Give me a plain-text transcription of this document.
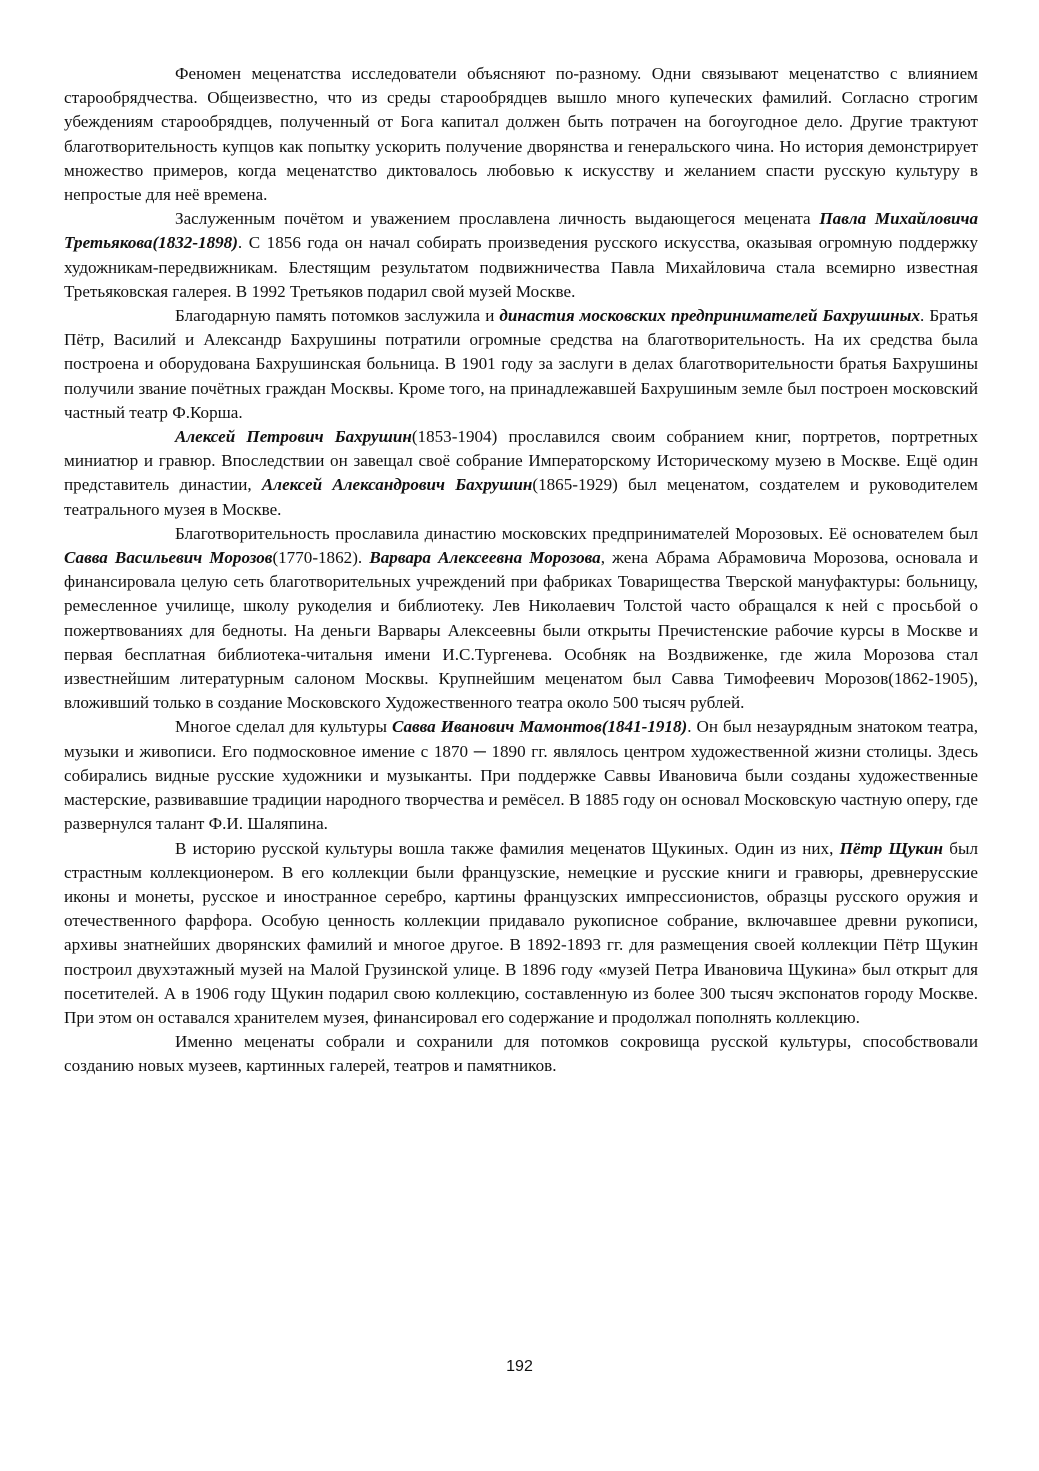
Феномен меценатства исследователи объясняют по-разному. Одни связывают меценатство с влиянием старообрядчества. Общеизвестно, что из среды старообрядцев вышло много купеческих фамилий. Согласно строгим убеждениям старообрядцев, полученный от Бога капитал должен быть потрачен на богоугодное дело. Другие трактуют благотворительность купцов как попытку ускорить получение дворянства и генеральского чина. Но история демонстрирует множество примеров, когда меценатство диктовалось любовью к искусству и желанием спасти русскую культуру в непростые для неё времена.

Заслуженным почётом и уважением прославлена личность выдающегося мецената Павла Михайловича Третьякова(1832-1898). С 1856 года он начал собирать произведения русского искусства, оказывая огромную поддержку художникам-передвижникам. Блестящим результатом подвижничества Павла Михайловича стала всемирно известная Третьяковская галерея. В 1992 Третьяков подарил свой музей Москве.

Благодарную память потомков заслужила и династия московских предпринимателей Бахрушиных. Братья Пётр, Василий и Александр Бахрушины потратили огромные средства на благотворительность. На их средства была построена и оборудована Бахрушинская больница. В 1901 году за заслуги в делах благотворительности братья Бахрушины получили звание почётных граждан Москвы. Кроме того, на принадлежавшей Бахрушиным земле был построен московский частный театр Ф.Корша.

Алексей Петрович Бахрушин(1853-1904) прославился своим собранием книг, портретов, портретных миниатюр и гравюр. Впоследствии он завещал своё собрание Императорскому Историческому музею в Москве. Ещё один представитель династии, Алексей Александрович Бахрушин(1865-1929) был меценатом, создателем и руководителем театрального музея в Москве.

Благотворительность прославила династию московских предпринимателей Морозовых. Её основателем был Савва Васильевич Морозов(1770-1862). Варвара Алексеевна Морозова, жена Абрама Абрамовича Морозова, основала и финансировала целую сеть благотворительных учреждений при фабриках Товарищества Тверской мануфактуры: больницу, ремесленное училище, школу рукоделия и библиотеку. Лев Николаевич Толстой часто обращался к ней с просьбой о пожертвованиях для бедноты. На деньги Варвары Алексеевны были открыты Пречистенские рабочие курсы в Москве и первая бесплатная библиотека-читальня имени И.С.Тургенева. Особняк на Воздвиженке, где жила Морозова стал известнейшим литературным салоном Москвы. Крупнейшим меценатом был Савва Тимофеевич Морозов(1862-1905), вложивший только в создание Московского Художественного театра около 500 тысяч рублей.

Многое сделал для культуры Савва Иванович Мамонтов(1841-1918). Он был незаурядным знатоком театра, музыки и живописи. Его подмосковное имение с 1870 ─ 1890 гг. являлось центром художественной жизни столицы. Здесь собирались видные русские художники и музыканты. При поддержке Саввы Ивановича были созданы художественные мастерские, развивавшие традиции народного творчества и ремёсел. В 1885 году он основал Московскую частную оперу, где развернулся талант Ф.И. Шаляпина.

В историю русской культуры вошла также фамилия меценатов Щукиных. Один из них, Пётр Щукин был страстным коллекционером. В его коллекции были французские, немецкие и русские книги и гравюры, древнерусские иконы и монеты, русское и иностранное серебро, картины французских импрессионистов, образцы русского оружия и отечественного фарфора. Особую ценность коллекции придавало рукописное собрание, включавшее древни рукописи, архивы знатнейших дворянских фамилий и многое другое. В 1892-1893 гг. для размещения своей коллекции Пётр Щукин построил двухэтажный музей на Малой Грузинской улице. В 1896 году «музей Петра Ивановича Щукина» был открыт для посетителей. А в 1906 году Щукин подарил свою коллекцию, составленную из более 300 тысяч экспонатов городу Москве. При этом он оставался хранителем музея, финансировал его содержание и продолжал пополнять коллекцию.

Именно меценаты собрали и сохранили для потомков сокровища русской культуры, способствовали созданию новых музеев, картинных галерей, театров и памятников.

192
